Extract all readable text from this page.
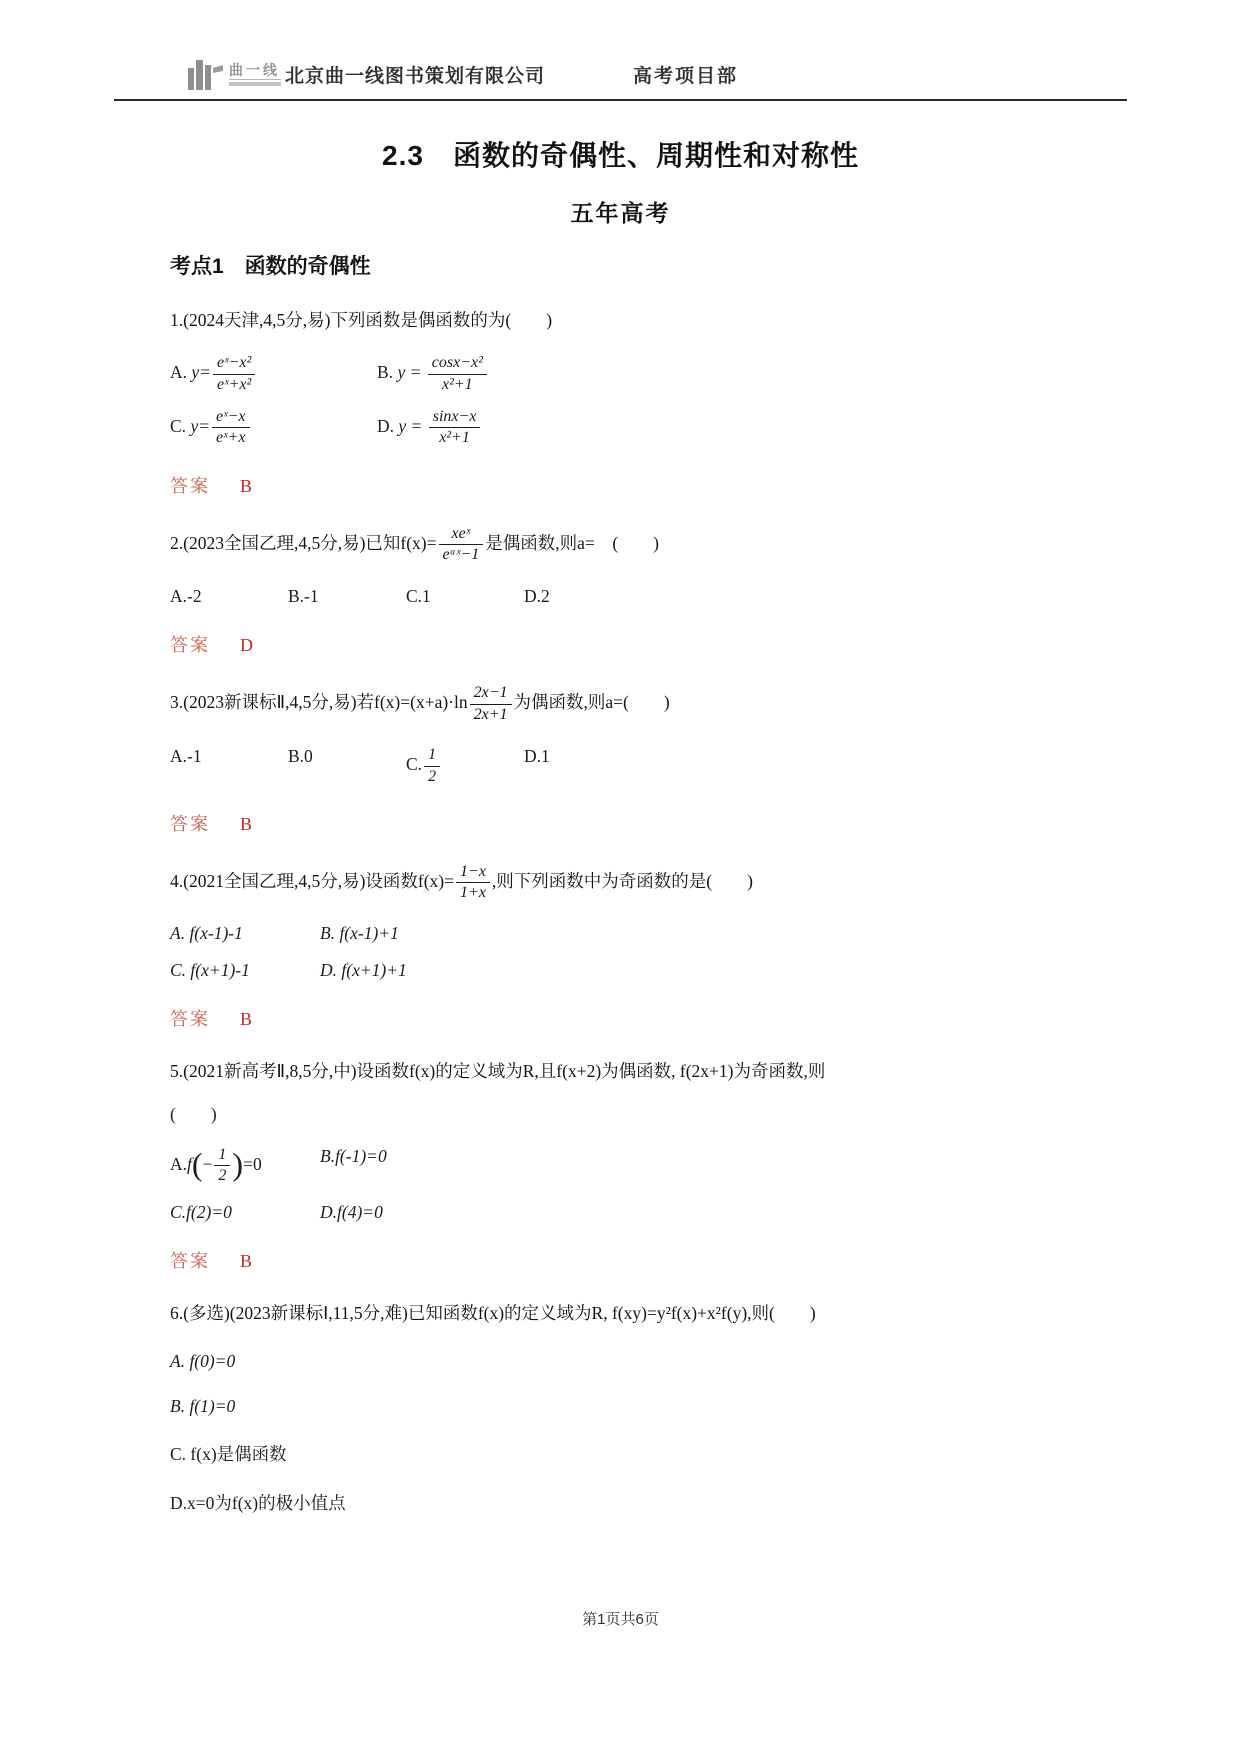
曲一线 北京曲一线图书策划有限公司	高考项目部
2.3　函数的奇偶性、周期性和对称性
五年高考
考点1　函数的奇偶性

1.(2024天津,4,5分,易)下列函数是偶函数的为(　　)

A. $y= \frac{\text{eˣ−x²}}{\text{eˣ+x²}}$	B. $y = \frac{\text{cosx−x²}}{\text{x²+1}}$
C. $y= \frac{\text{eˣ−x}}{\text{eˣ+x}}$	D. $y = \frac{\sin x-x}{\text{x²+1}}$

答案 B

2.(2023全国乙理,4,5分,易)已知$f(x)= \frac{\text{xeˣ}}{\text{eᵃˣ−1}}$ 是偶函数,则a=　(　　)

A.-2	B.-1	C.1	D.2

答案 D

3.(2023新课标Ⅱ,4,5分,易)若$f(x)=(x+a)\cdot\ln \frac{2x-1}{2x+1}$ 为偶函数,则a=(　　)

A.-1	B.0	C. $\frac{1}{2}$	D.1

答案 B

4.(2021全国乙理,4,5分,易)设函数$f(x)= \frac{1-x}{1+x}$ ,则下列函数中为奇函数的是(　　)

A. f(x-1)-1	B. f(x-1)+1
C. f(x+1)-1	D. f(x+1)+1

答案 B

5.(2021新高考Ⅱ,8,5分,中)设函数f(x)的定义域为R,且f(x+2)为偶函数, f(2x+1)为奇函数,则

(　　)

$A.f(- \frac{1}{2} )=0$	B.f(-1)=0
C.f(2)=0	D.f(4)=0

答案 B

6.(多选)(2023新课标Ⅰ,11,5分,难)已知函数f(x)的定义域为R, f(xy)=y²f(x)+x²f(y),则(　　)

A. f(0)=0
B. f(1)=0
C. f(x)是偶函数
D.x=0为f(x)的极小值点
第1页共6页
